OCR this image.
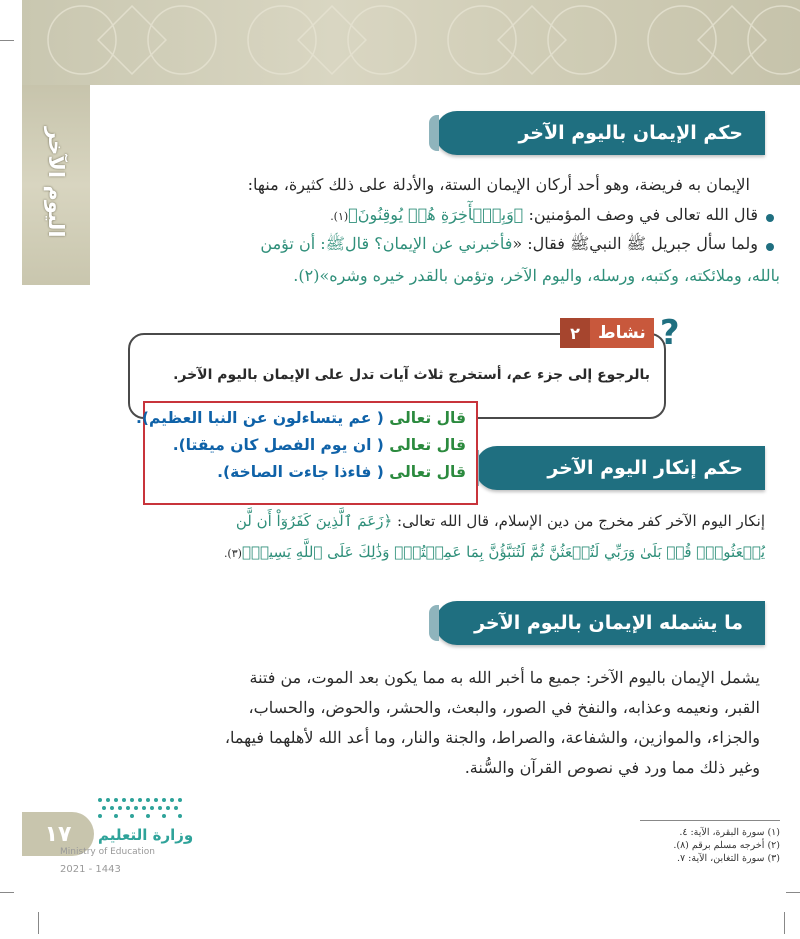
اليوم الآخر	حكم الإيمان باليوم الآخر
الإيمان به فريضة، وهو أحد أركان الإيمان الستة، والأدلة على ذلك كثيرة، منها:
قال الله تعالى في وصف المؤمنين: ﴿وَبِٱلۡأٓخِرَةِ هُمۡ يُوقِنُونَ﴾(١).
ولما سأل جبريل ﷺ النبيﷺ فقال: «فأخبرني عن الإيمان؟ قالﷺ: أن تؤمن
بالله، وملائكته، وكتبه، ورسله، واليوم الآخر، وتؤمن بالقدر خيره وشره»(٢).
٢	نشاط ?
بالرجوع إلى جزء عم، أستخرج ثلاث آيات تدل على الإيمان باليوم الآخر.
حكم إنكار اليوم الآخر
قال تعالى ( عم يتساءلون عن النبا العظيم).
قال تعالى ( ان يوم الفصل كان ميقتا).
قال تعالى ( فاءذا جاءت الصاخة).
إنكار اليوم الآخر كفر مخرج من دين الإسلام، قال الله تعالى: ﴿زَعَمَ ٱلَّذِينَ كَفَرُوٓاْ أَن لَّن
يُبۡعَثُواْۚ قُلۡ بَلَىٰ وَرَبِّي لَتُبۡعَثُنَّ ثُمَّ لَتُنَبَّؤُنَّ بِمَا عَمِلۡتُمۡۚ وَذَٰلِكَ عَلَى ٱللَّهِ يَسِيرٞ﴾(٣).
ما يشمله الإيمان باليوم الآخر
يشمل الإيمان باليوم الآخر: جميع ما أخبر الله به مما يكون بعد الموت، من فتنة
القبر، ونعيمه وعذابه، والنفخ في الصور، والبعث، والحشر، والحوض، والحساب،
والجزاء، والموازين، والشفاعة، والصراط، والجنة والنار، وما أعد الله لأهلهما فيهما،
وغير ذلك مما ورد في نصوص القرآن والسُّنة.
(١) سورة البقرة، الآية: ٤.
(٢) أخرجه مسلم برقم (٨).
(٣) سورة التغابن، الآية: ٧.
١٧	وزارة التعليم
Ministry of Education
2021 - 1443
